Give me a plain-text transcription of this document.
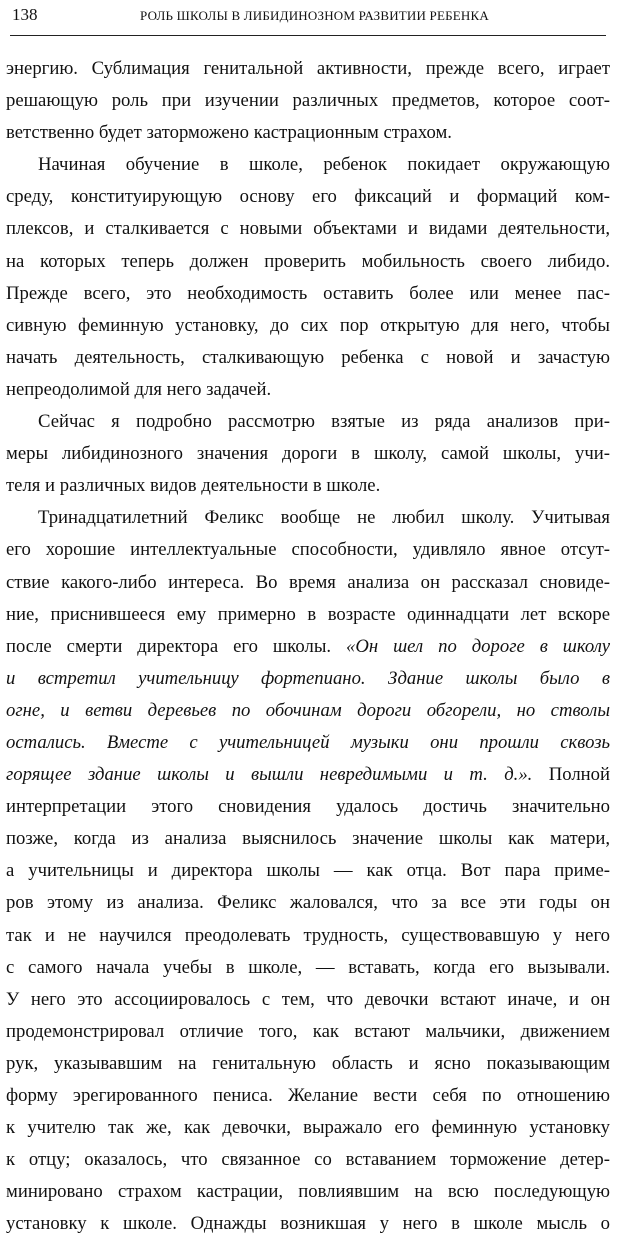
138	РОЛЬ ШКОЛЫ В ЛИБИДИНОЗНОМ РАЗВИТИИ РЕБЕНКА
энергию. Сублимация генитальной активности, прежде всего, играет
решающую роль при изучении различных предметов, которое соот-
ветственно будет заторможено кастрационным страхом.
Начиная обучение в школе, ребенок покидает окружающую
среду, конституирующую основу его фиксаций и формаций ком-
плексов, и сталкивается с новыми объектами и видами деятельности,
на которых теперь должен проверить мобильность своего либидо.
Прежде всего, это необходимость оставить более или менее пас-
сивную феминную установку, до сих пор открытую для него, чтобы
начать деятельность, сталкивающую ребенка с новой и зачастую
непреодолимой для него задачей.
Сейчас я подробно рассмотрю взятые из ряда анализов при-
меры либидинозного значения дороги в школу, самой школы, учи-
теля и различных видов деятельности в школе.
Тринадцатилетний Феликс вообще не любил школу. Учитывая
его хорошие интеллектуальные способности, удивляло явное отсут-
ствие какого-либо интереса. Во время анализа он рассказал сновиде-
ние, приснившееся ему примерно в возрасте одиннадцати лет вскоре
после смерти директора его школы. «Он шел по дороге в школу
и встретил учительницу фортепиано. Здание школы было в
огне, и ветви деревьев по обочинам дороги обгорели, но стволы
остались. Вместе с учительницей музыки они прошли сквозь
горящее здание школы и вышли невредимыми и т. д.». Полной
интерпретации этого сновидения удалось достичь значительно
позже, когда из анализа выяснилось значение школы как матери,
а учительницы и директора школы — как отца. Вот пара приме-
ров этому из анализа. Феликс жаловался, что за все эти годы он
так и не научился преодолевать трудность, существовавшую у него
с самого начала учебы в школе, — вставать, когда его вызывали.
У него это ассоциировалось с тем, что девочки встают иначе, и он
продемонстрировал отличие того, как встают мальчики, движением
рук, указывавшим на генитальную область и ясно показывающим
форму эрегированного пениса. Желание вести себя по отношению
к учителю так же, как девочки, выражало его феминную установку
к отцу; оказалось, что связанное со вставанием торможение детер-
минировано страхом кастрации, повлиявшим на всю последующую
установку к школе. Однажды возникшая у него в школе мысль о
